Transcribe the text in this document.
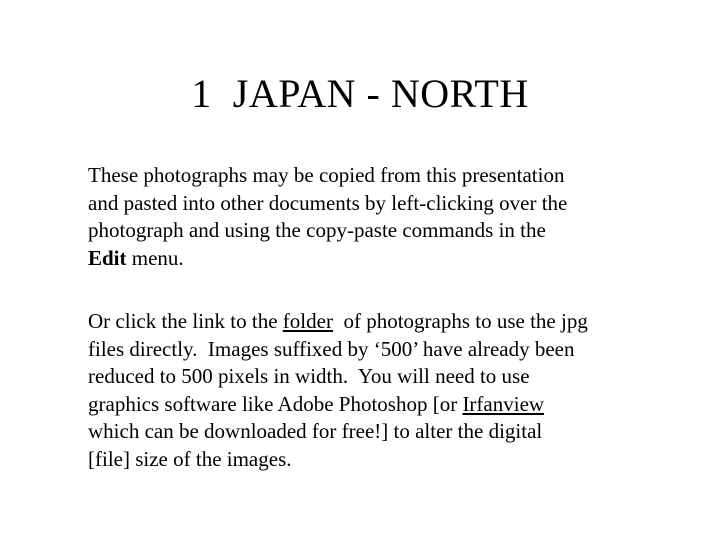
1  JAPAN - NORTH
These photographs may be copied from this presentation
and pasted into other documents by left-clicking over the
photograph and using the copy-paste commands in the
Edit menu.
Or click the link to the folder  of photographs to use the jpg
files directly.  Images suffixed by ‘500’ have already been
reduced to 500 pixels in width.  You will need to use
graphics software like Adobe Photoshop [or Irfanview
which can be downloaded for free!] to alter the digital
[file] size of the images.
